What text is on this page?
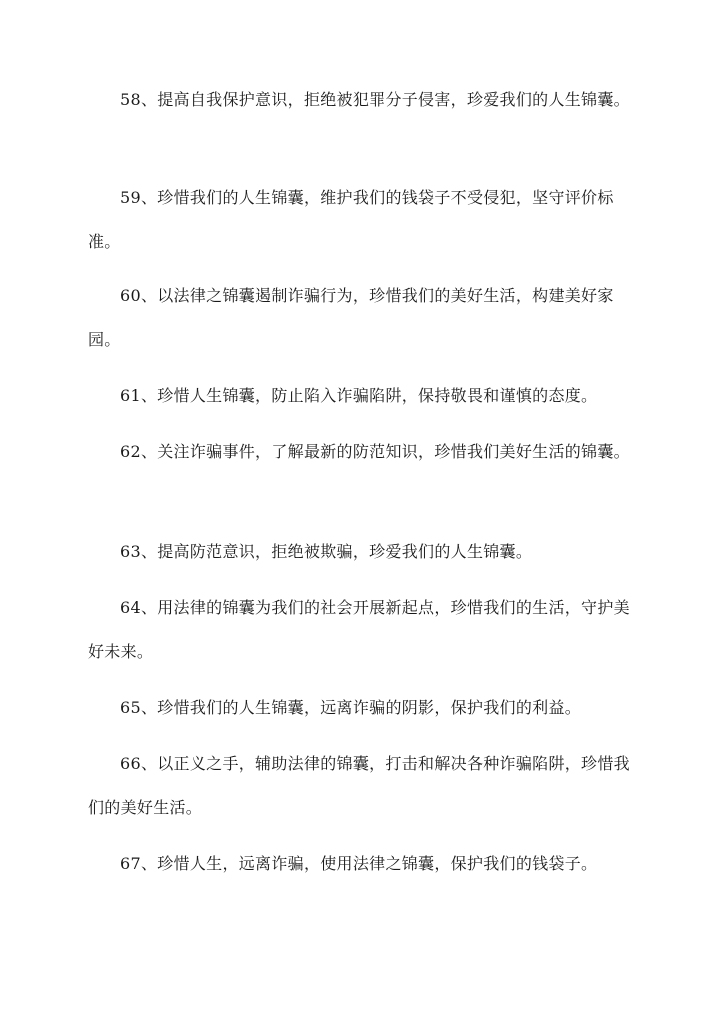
58、提高自我保护意识，拒绝被犯罪分子侵害，珍爱我们的人生锦囊。

59、珍惜我们的人生锦囊，维护我们的钱袋子不受侵犯，坚守评价标准。

60、以法律之锦囊遏制诈骗行为，珍惜我们的美好生活，构建美好家园。

61、珍惜人生锦囊，防止陷入诈骗陷阱，保持敬畏和谨慎的态度。

62、关注诈骗事件，了解最新的防范知识，珍惜我们美好生活的锦囊。

63、提高防范意识，拒绝被欺骗，珍爱我们的人生锦囊。

64、用法律的锦囊为我们的社会开展新起点，珍惜我们的生活，守护美好未来。

65、珍惜我们的人生锦囊，远离诈骗的阴影，保护我们的利益。

66、以正义之手，辅助法律的锦囊，打击和解决各种诈骗陷阱，珍惜我们的美好生活。

67、珍惜人生，远离诈骗，使用法律之锦囊，保护我们的钱袋子。
